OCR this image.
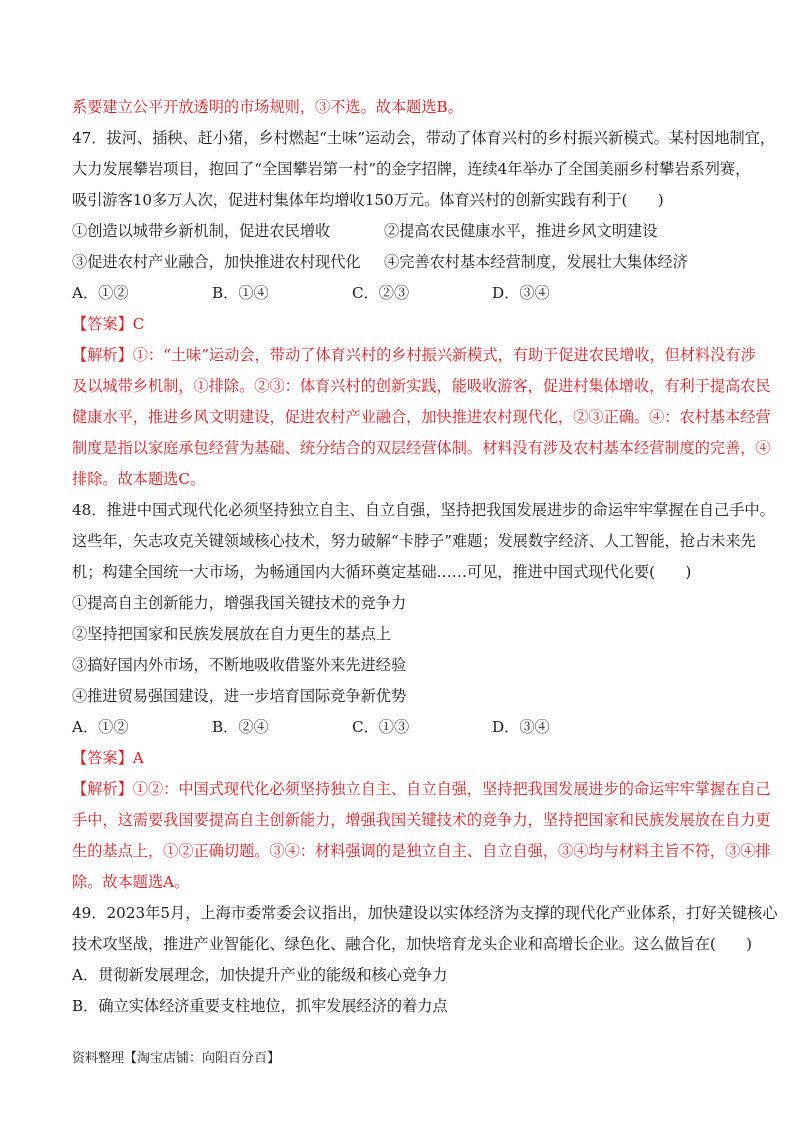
系要建立公平开放透明的市场规则，③不选。故本题选B。
47．拔河、插秧、赶小猪，乡村燃起“土味”运动会，带动了体育兴村的乡村振兴新模式。某村因地制宜，
大力发展攀岩项目，抱回了“全国攀岩第一村”的金字招牌，连续4年举办了全国美丽乡村攀岩系列赛，
吸引游客10多万人次，促进村集体年均增收150万元。体育兴村的创新实践有利于(　　)
①创造以城带乡新机制，促进农民增收	②提高农民健康水平，推进乡风文明建设
③促进农村产业融合，加快推进农村现代化 ④完善农村基本经营制度，发展壮大集体经济
A．①②	B．①④	C．②③	D．③④
【答案】C
【解析】①：“土味”运动会，带动了体育兴村的乡村振兴新模式，有助于促进农民增收，但材料没有涉
及以城带乡机制，①排除。②③：体育兴村的创新实践，能吸收游客，促进村集体增收，有利于提高农民
健康水平，推进乡风文明建设，促进农村产业融合，加快推进农村现代化，②③正确。④：农村基本经营
制度是指以家庭承包经营为基础、统分结合的双层经营体制。材料没有涉及农村基本经营制度的完善，④
排除。故本题选C。
48．推进中国式现代化必须坚持独立自主、自立自强，坚持把我国发展进步的命运牢牢掌握在自己手中。
这些年，矢志攻克关键领域核心技术，努力破解“卡脖子”难题；发展数字经济、人工智能，抢占未来先
机；构建全国统一大市场，为畅通国内大循环奠定基础……可见，推进中国式现代化要(　　)
①提高自主创新能力，增强我国关键技术的竞争力
②坚持把国家和民族发展放在自力更生的基点上
③搞好国内外市场，不断地吸收借鉴外来先进经验
④推进贸易强国建设，进一步培育国际竞争新优势
A．①②	B．②④	C．①③	D．③④
【答案】A
【解析】①②：中国式现代化必须坚持独立自主、自立自强，坚持把我国发展进步的命运牢牢掌握在自己
手中，这需要我国要提高自主创新能力，增强我国关键技术的竞争力，坚持把国家和民族发展放在自力更
生的基点上，①②正确切题。③④：材料强调的是独立自主、自立自强，③④均与材料主旨不符，③④排
除。故本题选A。
49．2023年5月，上海市委常委会议指出，加快建设以实体经济为支撑的现代化产业体系，打好关键核心
技术攻坚战，推进产业智能化、绿色化、融合化，加快培育龙头企业和高增长企业。这么做旨在(　　)
A．贯彻新发展理念，加快提升产业的能级和核心竞争力
B．确立实体经济重要支柱地位，抓牢发展经济的着力点
资料整理【淘宝店铺：向阳百分百】
